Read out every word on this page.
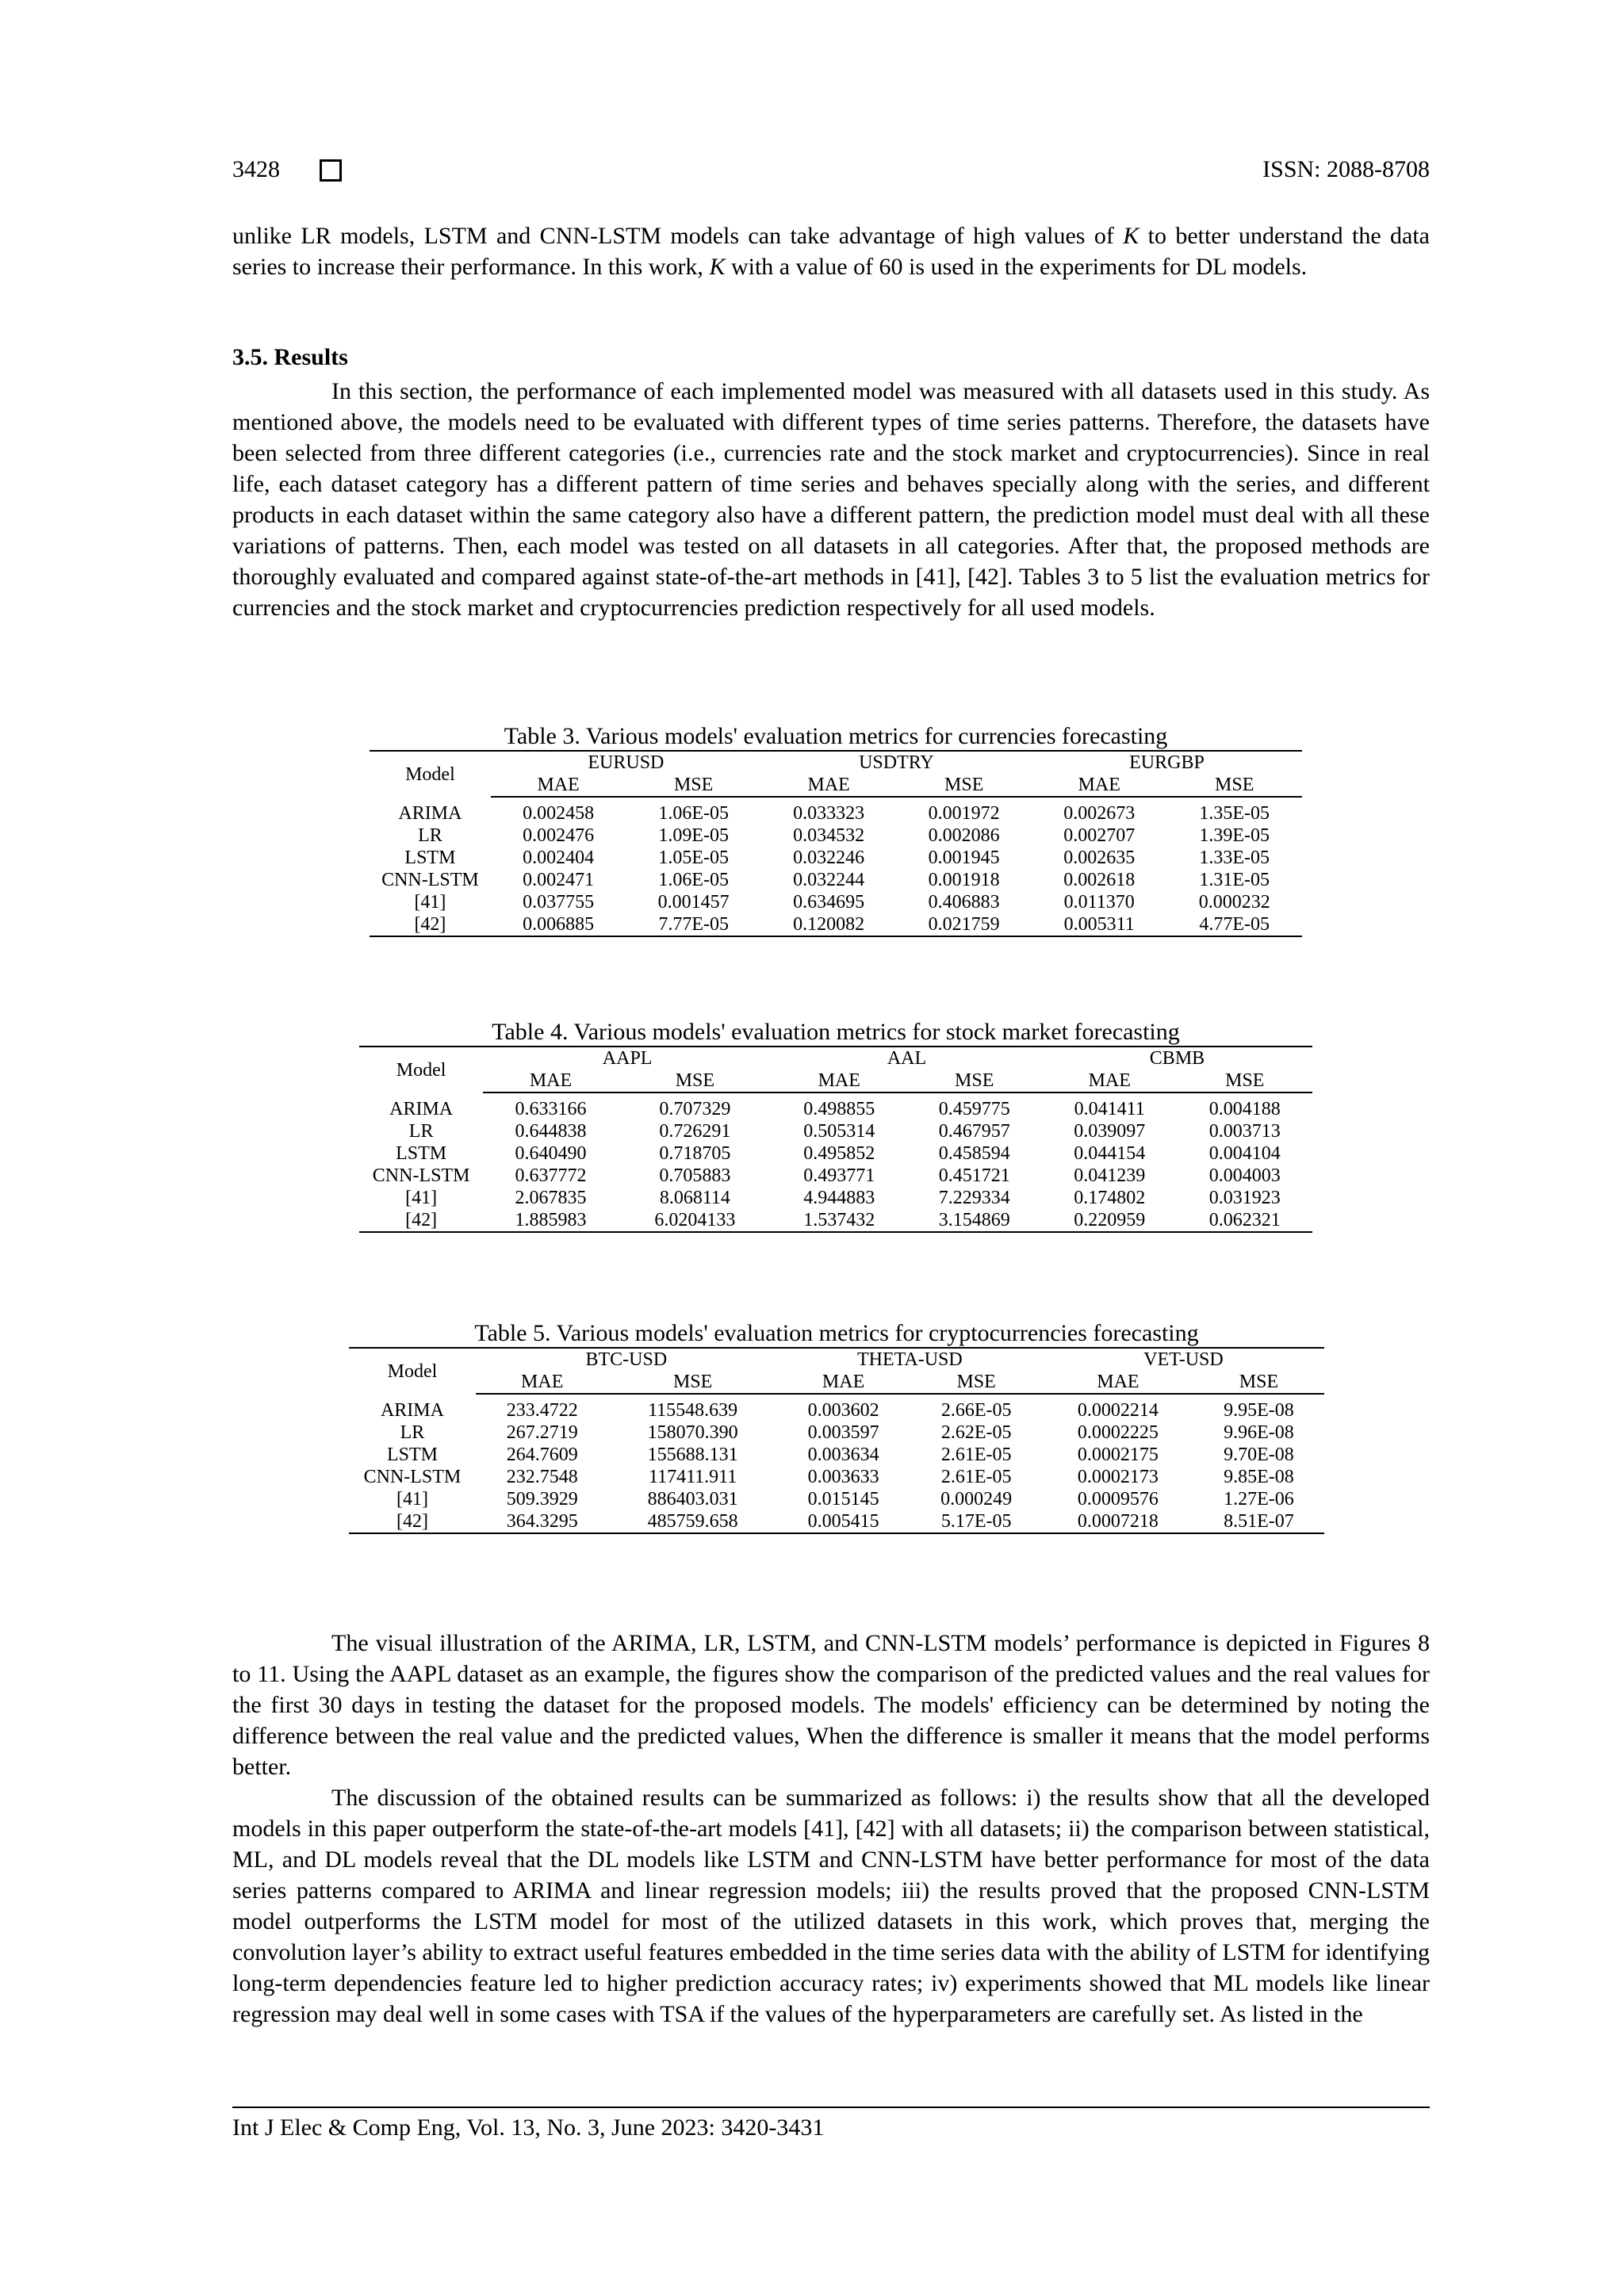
3428	ISSN: 2088-8708

unlike LR models, LSTM and CNN-LSTM models can take advantage of high values of K to better understand the data series to increase their performance. In this work, K with a value of 60 is used in the experiments for DL models.

3.5. Results

In this section, the performance of each implemented model was measured with all datasets used in this study. As mentioned above, the models need to be evaluated with different types of time series patterns. Therefore, the datasets have been selected from three different categories (i.e., currencies rate and the stock market and cryptocurrencies). Since in real life, each dataset category has a different pattern of time series and behaves specially along with the series, and different products in each dataset within the same category also have a different pattern, the prediction model must deal with all these variations of patterns. Then, each model was tested on all datasets in all categories. After that, the proposed methods are thoroughly evaluated and compared against state-of-the-art methods in [41], [42]. Tables 3 to 5 list the evaluation metrics for currencies and the stock market and cryptocurrencies prediction respectively for all used models.

Table 3. Various models' evaluation metrics for currencies forecasting
Model	EURUSD		USDTRY		EURGBP	
	MAE	MSE	MAE	MSE	MAE	MSE
ARIMA	0.002458	1.06E-05	0.033323	0.001972	0.002673	1.35E-05
LR	0.002476	1.09E-05	0.034532	0.002086	0.002707	1.39E-05
LSTM	0.002404	1.05E-05	0.032246	0.001945	0.002635	1.33E-05
CNN-LSTM	0.002471	1.06E-05	0.032244	0.001918	0.002618	1.31E-05
[41]	0.037755	0.001457	0.634695	0.406883	0.011370	0.000232
[42]	0.006885	7.77E-05	0.120082	0.021759	0.005311	4.77E-05
Table 4. Various models' evaluation metrics for stock market forecasting
Model	AAPL		AAL		CBMB	
	MAE	MSE	MAE	MSE	MAE	MSE
ARIMA	0.633166	0.707329	0.498855	0.459775	0.041411	0.004188
LR	0.644838	0.726291	0.505314	0.467957	0.039097	0.003713
LSTM	0.640490	0.718705	0.495852	0.458594	0.044154	0.004104
CNN-LSTM	0.637772	0.705883	0.493771	0.451721	0.041239	0.004003
[41]	2.067835	8.068114	4.944883	7.229334	0.174802	0.031923
[42]	1.885983	6.0204133	1.537432	3.154869	0.220959	0.062321
Table 5. Various models' evaluation metrics for cryptocurrencies forecasting
Model	BTC-USD		THETA-USD		VET-USD	
	MAE	MSE	MAE	MSE	MAE	MSE
ARIMA	233.4722	115548.639	0.003602	2.66E-05	0.0002214	9.95E-08
LR	267.2719	158070.390	0.003597	2.62E-05	0.0002225	9.96E-08
LSTM	264.7609	155688.131	0.003634	2.61E-05	0.0002175	9.70E-08
CNN-LSTM	232.7548	117411.911	0.003633	2.61E-05	0.0002173	9.85E-08
[41]	509.3929	886403.031	0.015145	0.000249	0.0009576	1.27E-06
[42]	364.3295	485759.658	0.005415	5.17E-05	0.0007218	8.51E-07

The visual illustration of the ARIMA, LR, LSTM, and CNN-LSTM models’ performance is depicted in Figures 8 to 11. Using the AAPL dataset as an example, the figures show the comparison of the predicted values and the real values for the first 30 days in testing the dataset for the proposed models. The models' efficiency can be determined by noting the difference between the real value and the predicted values, When the difference is smaller it means that the model performs better.

The discussion of the obtained results can be summarized as follows: i) the results show that all the developed models in this paper outperform the state-of-the-art models [41], [42] with all datasets; ii) the comparison between statistical, ML, and DL models reveal that the DL models like LSTM and CNN-LSTM have better performance for most of the data series patterns compared to ARIMA and linear regression models; iii) the results proved that the proposed CNN-LSTM model outperforms the LSTM model for most of the utilized datasets in this work, which proves that, merging the convolution layer’s ability to extract useful features embedded in the time series data with the ability of LSTM for identifying long-term dependencies feature led to higher prediction accuracy rates; iv) experiments showed that ML models like linear regression may deal well in some cases with TSA if the values of the hyperparameters are carefully set. As listed in the

Int J Elec & Comp Eng, Vol. 13, No. 3, June 2023: 3420-3431
